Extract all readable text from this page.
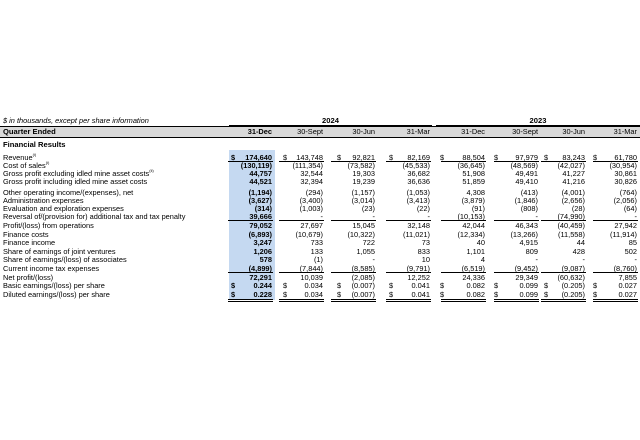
$ in thousands, except per share information	2024	2023
Quarter Ended	31-Dec	30-Sept	30-Jun	31-Mar	31-Dec	30-Sept	30-Jun	31-Mar
Financial Results
Revenue$^{(i)}$	$	174,640 $	143,748 $	92,821 $	82,169 $	88,504 $	97,979 $	83,243 $	61,780
Cost of sales$^{(i)}$	(130,119)	(111,354)	(73,582)	(45,533)	(36,645)	(48,569)	(42,027)	(30,954)
Gross profit excluding idled mine asset costs$^{(ii)}$	44,757	32,544	19,303	36,682	51,908	49,491	41,227	30,861
Gross profit including idled mine asset costs	44,521	32,394	19,239	36,636	51,859	49,410	41,216	30,826
Other operating income/(expenses), net	(1,194)	(294)	(1,157)	(1,053)	4,308	(413)	(4,001)	(764)
Administration expenses	(3,627)	(3,400)	(3,014)	(3,413)	(3,879)	(1,846)	(2,656)	(2,056)
Evaluation and exploration expenses	(314)	(1,003)	(23)	(22)	(91)	(808)	(28)	(64)
Reversal of/(provision for) additional tax and tax penalty	39,666	-	-	-	(10,153)	-	(74,990)	-
Profit/(loss) from operations	79,052	27,697	15,045	32,148	42,044	46,343	(40,459)	27,942
Finance costs	(6,893)	(10,679)	(10,322)	(11,021)	(12,334)	(13,266)	(11,558)	(11,914)
Finance income	3,247	733	722	73	40	4,915	44	85
Share of earnings of joint ventures	1,206	133	1,055	833	1,101	809	428	502
Share of earnings/(loss) of associates	578	(1)	-	10	4	-	-	-
Current income tax expenses	(4,899)	(7,844)	(8,585)	(9,791)	(6,519)	(9,452)	(9,087)	(8,760)
Net profit/(loss)	72,291	10,039	(2,085)	12,252	24,336	29,349	(60,632)	7,855
Basic earnings/(loss) per share	$	0.244 $	0.034 $	(0.007) $	0.041 $	0.082 $	0.099 $	(0.205) $	0.027
Diluted earnings/(loss) per share	$	0.228 $	0.034 $	(0.007) $	0.041 $	0.082 $	0.099 $	(0.205) $	0.027
